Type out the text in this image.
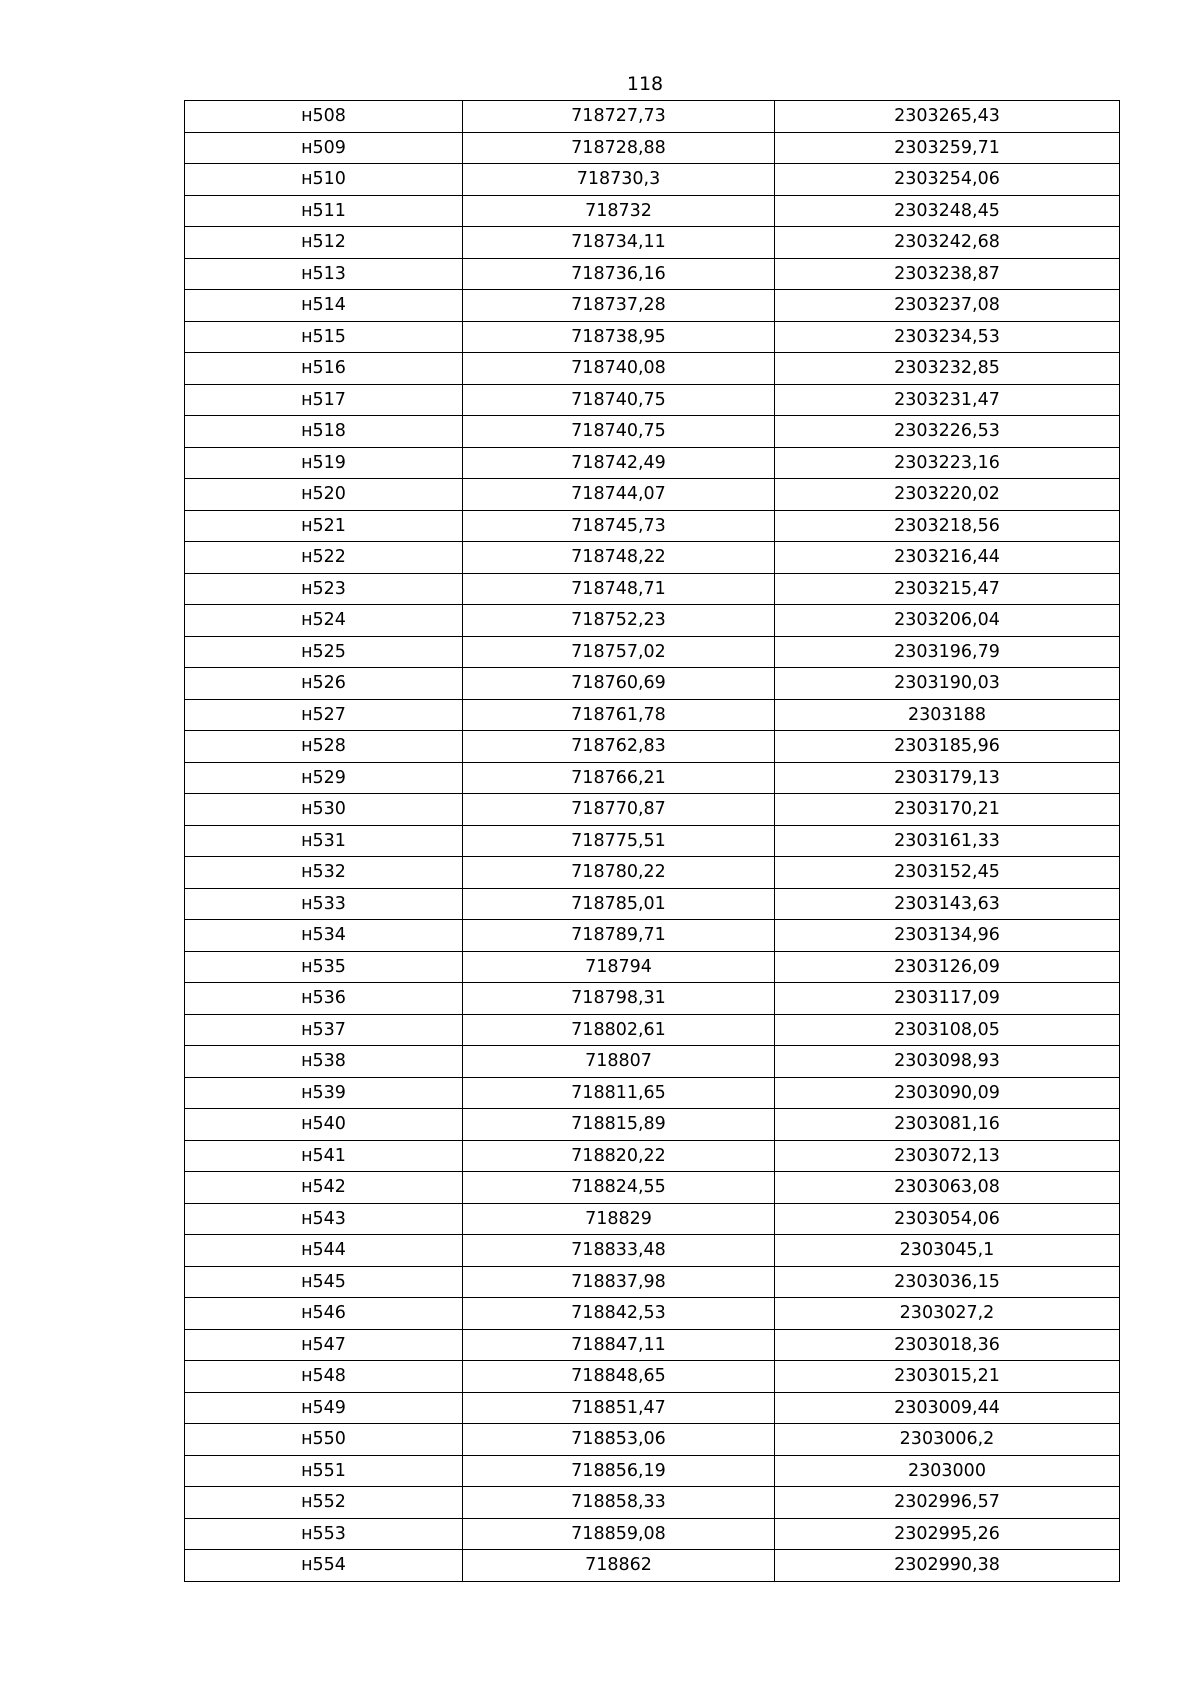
118
н508	718727,73	2303265,43
н509	718728,88	2303259,71
н510	718730,3	2303254,06
н511	718732	2303248,45
н512	718734,11	2303242,68
н513	718736,16	2303238,87
н514	718737,28	2303237,08
н515	718738,95	2303234,53
н516	718740,08	2303232,85
н517	718740,75	2303231,47
н518	718740,75	2303226,53
н519	718742,49	2303223,16
н520	718744,07	2303220,02
н521	718745,73	2303218,56
н522	718748,22	2303216,44
н523	718748,71	2303215,47
н524	718752,23	2303206,04
н525	718757,02	2303196,79
н526	718760,69	2303190,03
н527	718761,78	2303188
н528	718762,83	2303185,96
н529	718766,21	2303179,13
н530	718770,87	2303170,21
н531	718775,51	2303161,33
н532	718780,22	2303152,45
н533	718785,01	2303143,63
н534	718789,71	2303134,96
н535	718794	2303126,09
н536	718798,31	2303117,09
н537	718802,61	2303108,05
н538	718807	2303098,93
н539	718811,65	2303090,09
н540	718815,89	2303081,16
н541	718820,22	2303072,13
н542	718824,55	2303063,08
н543	718829	2303054,06
н544	718833,48	2303045,1
н545	718837,98	2303036,15
н546	718842,53	2303027,2
н547	718847,11	2303018,36
н548	718848,65	2303015,21
н549	718851,47	2303009,44
н550	718853,06	2303006,2
н551	718856,19	2303000
н552	718858,33	2302996,57
н553	718859,08	2302995,26
н554	718862	2302990,38
